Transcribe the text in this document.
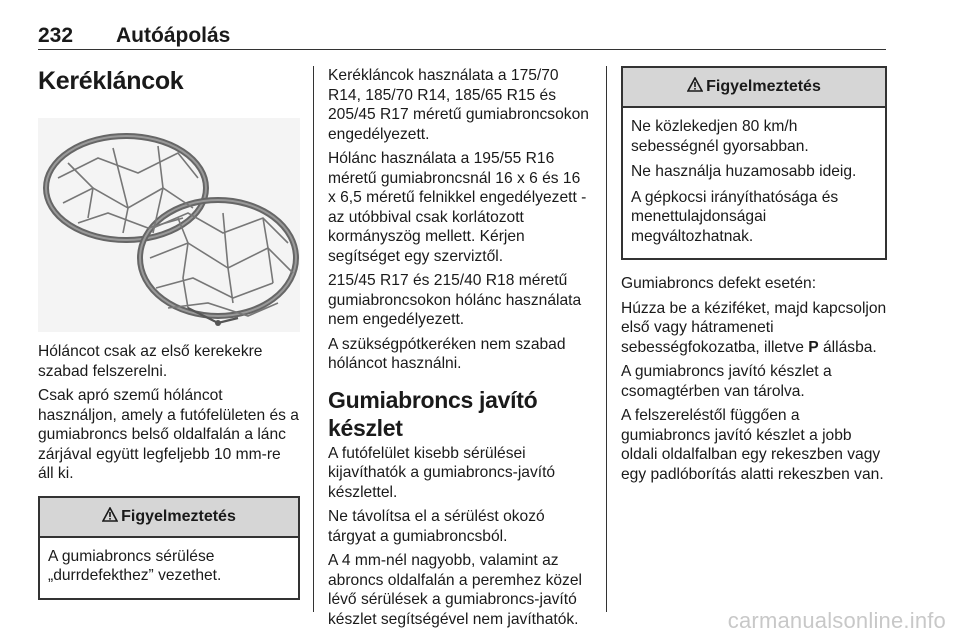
232 Autóápolás
Kerékláncok

Hóláncot csak az első kerekekre szabad felszerelni.

Csak apró szemű hóláncot használjon, amely a futófelületen és a gumiabroncs belső oldalfalán a lánc zárjával együtt legfeljebb 10 mm-re áll ki.

Figyelmeztetés

A gumiabroncs sérülése „durrdefekthez” vezethet.

Kerékláncok használata a 175/70 R14, 185/70 R14, 185/65 R15 és 205/45 R17 méretű gumiabroncsokon engedélyezett.

Hólánc használata a 195/55 R16 méretű gumiabroncsnál 16 x 6 és 16 x 6,5 méretű felnikkel engedélyezett - az utóbbival csak korlátozott kormányszög mellett. Kérjen segítséget egy szerviztől.

215/45 R17 és 215/40 R18 méretű gumiabroncsokon hólánc használata nem engedélyezett.

A szükségpótkeréken nem szabad hóláncot használni.

Gumiabroncs javító készlet

A futófelület kisebb sérülései kijavíthatók a gumiabroncs-javító készlettel.

Ne távolítsa el a sérülést okozó tárgyat a gumiabroncsból.

A 4 mm-nél nagyobb, valamint az abroncs oldalfalán a peremhez közel lévő sérülések a gumiabroncs-javító készlet segítségével nem javíthatók.

Figyelmeztetés

Ne közlekedjen 80 km/h sebességnél gyorsabban.

Ne használja huzamosabb ideig.

A gépkocsi irányíthatósága és menettulajdonságai megváltozhatnak.

Gumiabroncs defekt esetén:

Húzza be a kéziféket, majd kapcsoljon első vagy hátrameneti sebességfokozatba, illetve P állásba.

A gumiabroncs javító készlet a csomagtérben van tárolva.

A felszereléstől függően a gumiabroncs javító készlet a jobb oldali oldalfalban egy rekeszben vagy egy padlóborítás alatti rekeszben van.

carmanualsonline.info
